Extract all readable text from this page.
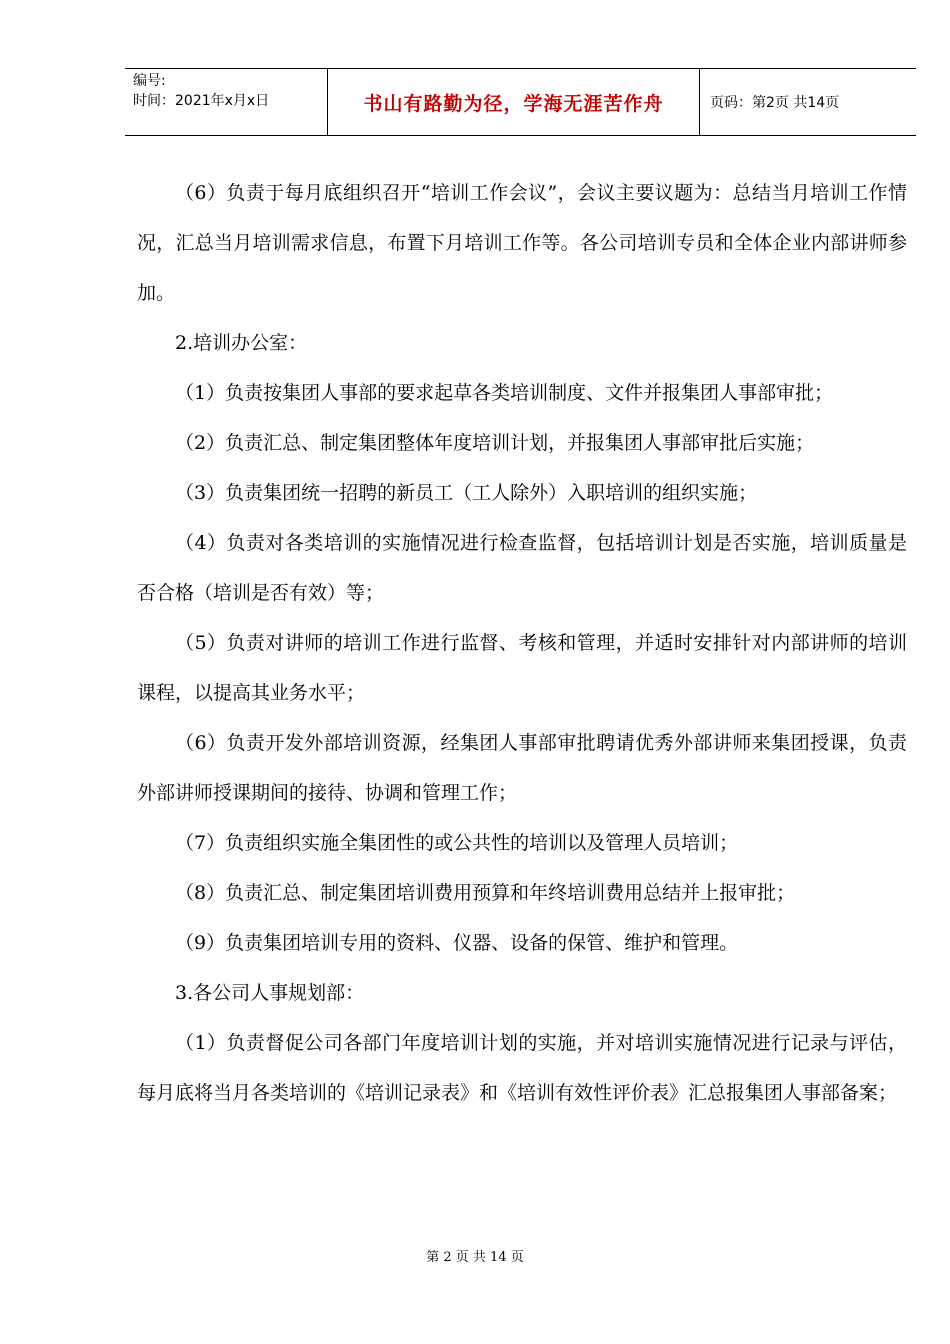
编号:
时间：2021年x月x日	书山有路勤为径，学海无涯苦作舟	页码：第2页 共14页

（6）负责于每月底组织召开“培训工作会议”，会议主要议题为：总结当月培训工作情况，汇总当月培训需求信息，布置下月培训工作等。各公司培训专员和全体企业内部讲师参加。

2.培训办公室：

（1）负责按集团人事部的要求起草各类培训制度、文件并报集团人事部审批；

（2）负责汇总、制定集团整体年度培训计划，并报集团人事部审批后实施；

（3）负责集团统一招聘的新员工（工人除外）入职培训的组织实施；

（4）负责对各类培训的实施情况进行检查监督，包括培训计划是否实施，培训质量是否合格（培训是否有效）等；

（5）负责对讲师的培训工作进行监督、考核和管理，并适时安排针对内部讲师的培训课程，以提高其业务水平；

（6）负责开发外部培训资源，经集团人事部审批聘请优秀外部讲师来集团授课，负责外部讲师授课期间的接待、协调和管理工作；

（7）负责组织实施全集团性的或公共性的培训以及管理人员培训；

（8）负责汇总、制定集团培训费用预算和年终培训费用总结并上报审批；

（9）负责集团培训专用的资料、仪器、设备的保管、维护和管理。

3.各公司人事规划部：

（1）负责督促公司各部门年度培训计划的实施，并对培训实施情况进行记录与评估，每月底将当月各类培训的《培训记录表》和《培训有效性评价表》汇总报集团人事部备案；

第 2 页 共 14 页
